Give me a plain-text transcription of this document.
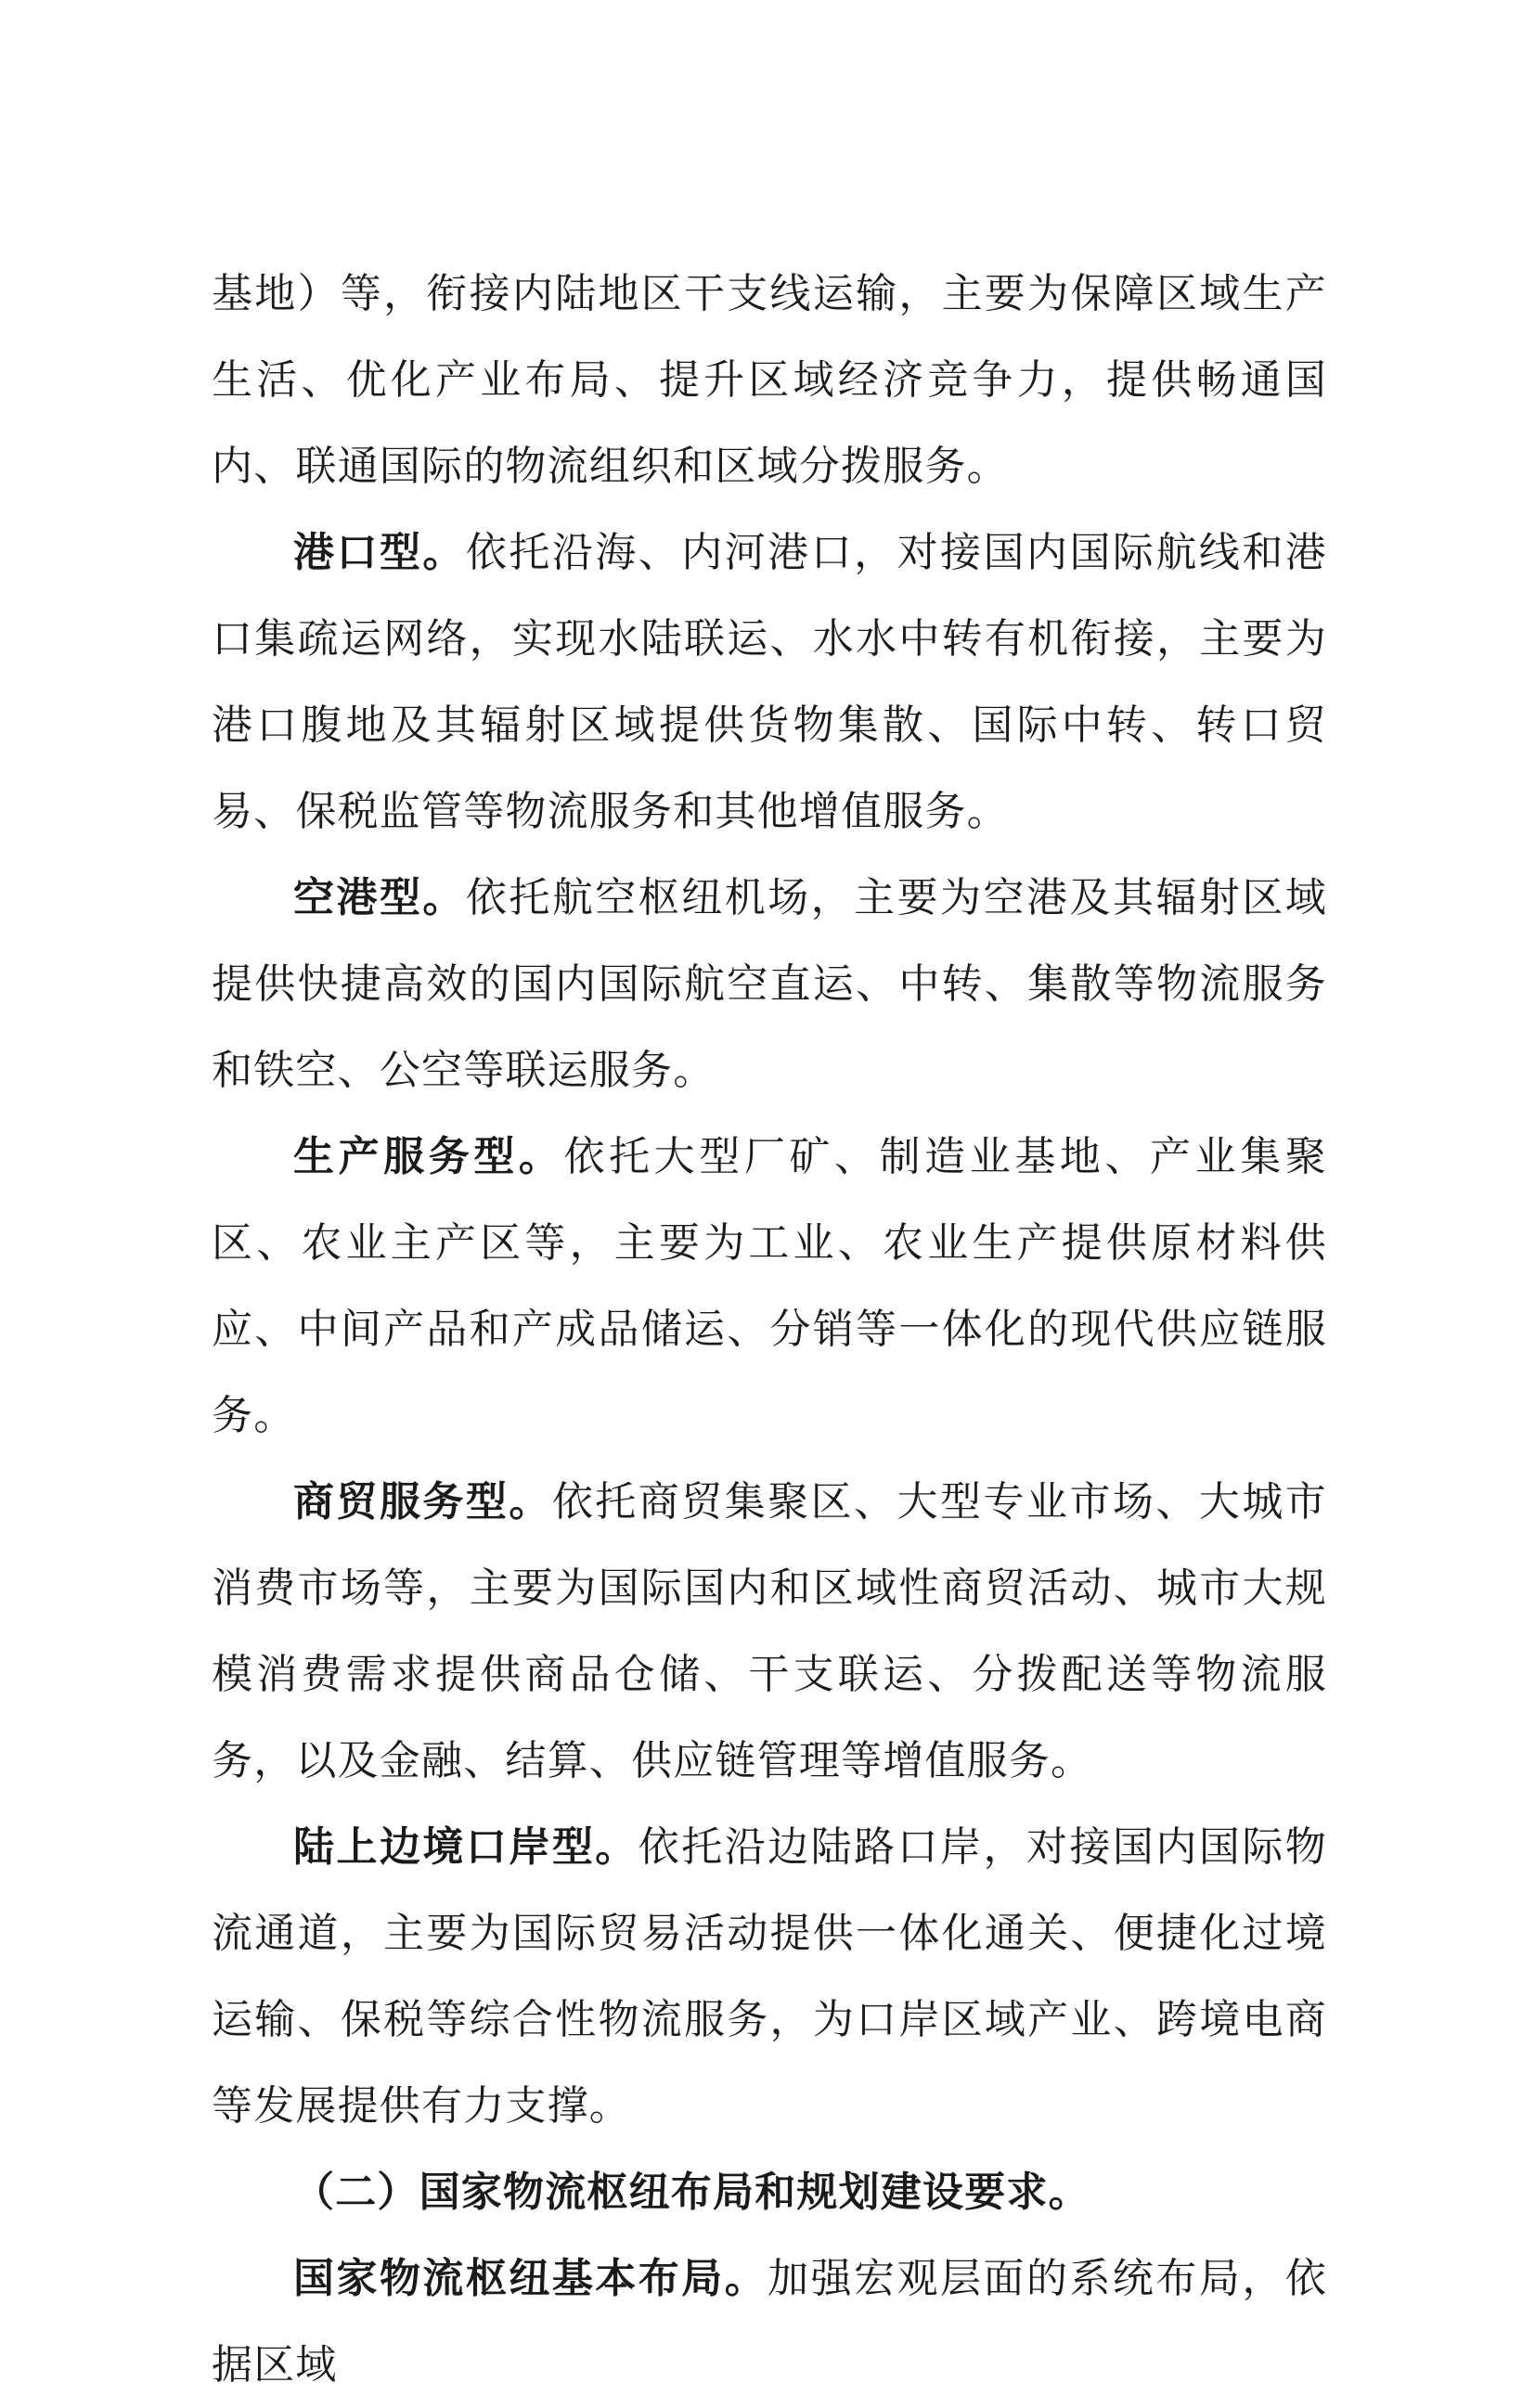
基地）等，衔接内陆地区干支线运输，主要为保障区域生产生活、优化产业布局、提升区域经济竞争力，提供畅通国内、联通国际的物流组织和区域分拨服务。

港口型。依托沿海、内河港口，对接国内国际航线和港口集疏运网络，实现水陆联运、水水中转有机衔接，主要为港口腹地及其辐射区域提供货物集散、国际中转、转口贸易、保税监管等物流服务和其他增值服务。

空港型。依托航空枢纽机场，主要为空港及其辐射区域提供快捷高效的国内国际航空直运、中转、集散等物流服务和铁空、公空等联运服务。

生产服务型。依托大型厂矿、制造业基地、产业集聚区、农业主产区等，主要为工业、农业生产提供原材料供应、中间产品和产成品储运、分销等一体化的现代供应链服务。

商贸服务型。依托商贸集聚区、大型专业市场、大城市消费市场等，主要为国际国内和区域性商贸活动、城市大规模消费需求提供商品仓储、干支联运、分拨配送等物流服务，以及金融、结算、供应链管理等增值服务。

陆上边境口岸型。依托沿边陆路口岸，对接国内国际物流通道，主要为国际贸易活动提供一体化通关、便捷化过境运输、保税等综合性物流服务，为口岸区域产业、跨境电商等发展提供有力支撑。

（二）国家物流枢纽布局和规划建设要求。

国家物流枢纽基本布局。加强宏观层面的系统布局，依据区域
